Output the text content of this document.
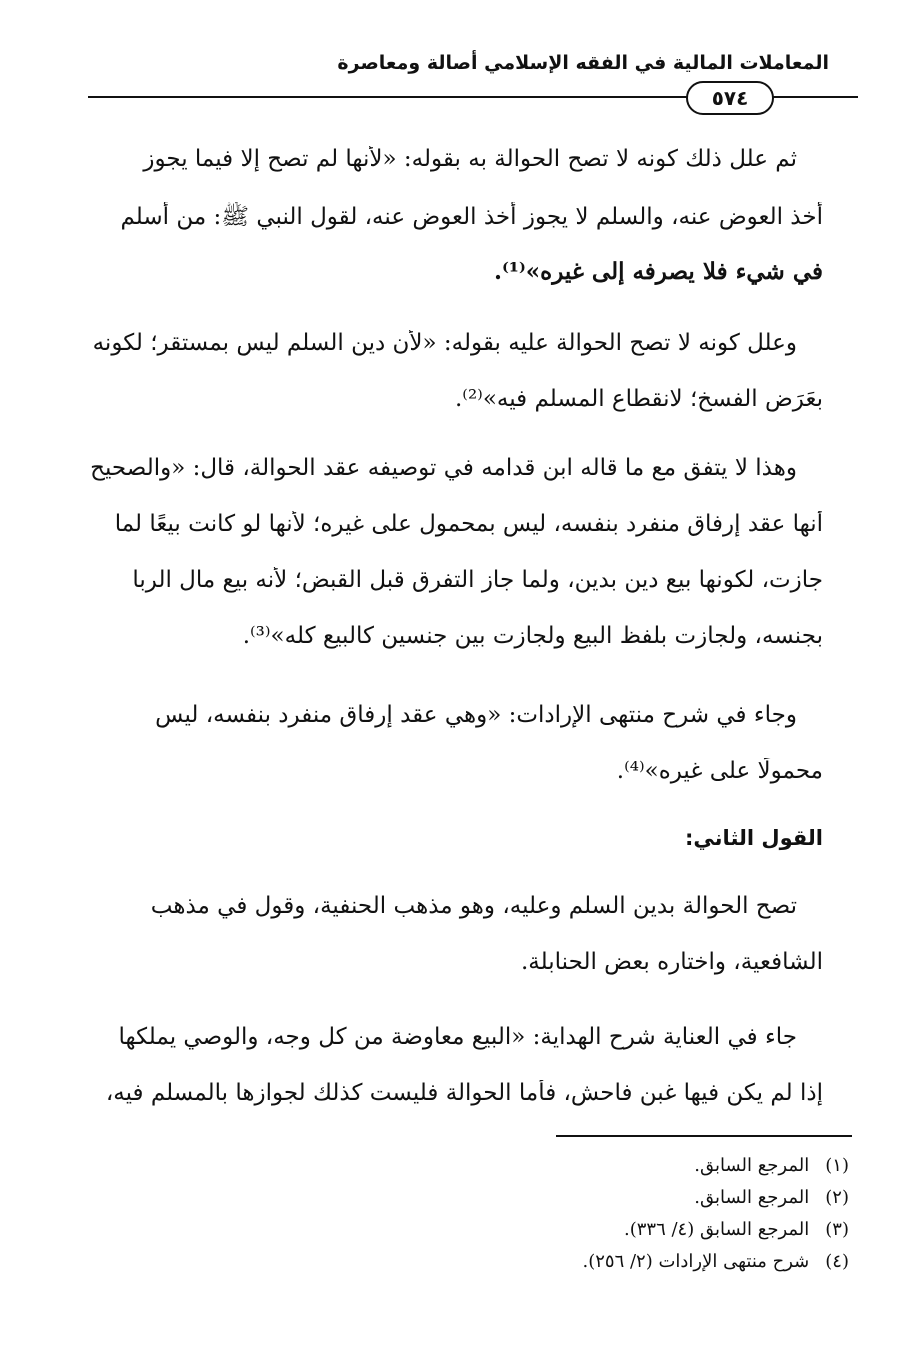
المعاملات المالية في الفقه الإسلامي أصالة ومعاصرة
٥٧٤
ثم علل ذلك كونه لا تصح الحوالة به بقوله: «لأنها لم تصح إلا فيما يجوز
أخذ العوض عنه، والسلم لا يجوز أخذ العوض عنه، لقول النبي ﷺ: من أسلم
في شيء فلا يصرفه إلى غيره»⁽¹⁾.
وعلل كونه لا تصح الحوالة عليه بقوله: «لأن دين السلم ليس بمستقر؛ لكونه
بعَرَض الفسخ؛ لانقطاع المسلم فيه»⁽²⁾.
وهذا لا يتفق مع ما قاله ابن قدامه في توصيفه عقد الحوالة، قال: «والصحيح
أنها عقد إرفاق منفرد بنفسه، ليس بمحمول على غيره؛ لأنها لو كانت بيعًا لما
جازت، لكونها بيع دين بدين، ولما جاز التفرق قبل القبض؛ لأنه بيع مال الربا
بجنسه، ولجازت بلفظ البيع ولجازت بين جنسين كالبيع كله»⁽³⁾.
وجاء في شرح منتهى الإرادات: «وهي عقد إرفاق منفرد بنفسه، ليس
محمولًا على غيره»⁽⁴⁾.
تصح الحوالة بدين السلم وعليه، وهو مذهب الحنفية، وقول في مذهب
الشافعية، واختاره بعض الحنابلة.
جاء في العناية شرح الهداية: «البيع معاوضة من كل وجه، والوصي يملكها
إذا لم يكن فيها غبن فاحش، فأما الحوالة فليست كذلك لجوازها بالمسلم فيه،
القول الثاني:
(١) المرجع السابق.
(٢) المرجع السابق.
(٣) المرجع السابق (٤/ ٣٣٦).
(٤) شرح منتهى الإرادات (٢/ ٢٥٦).
